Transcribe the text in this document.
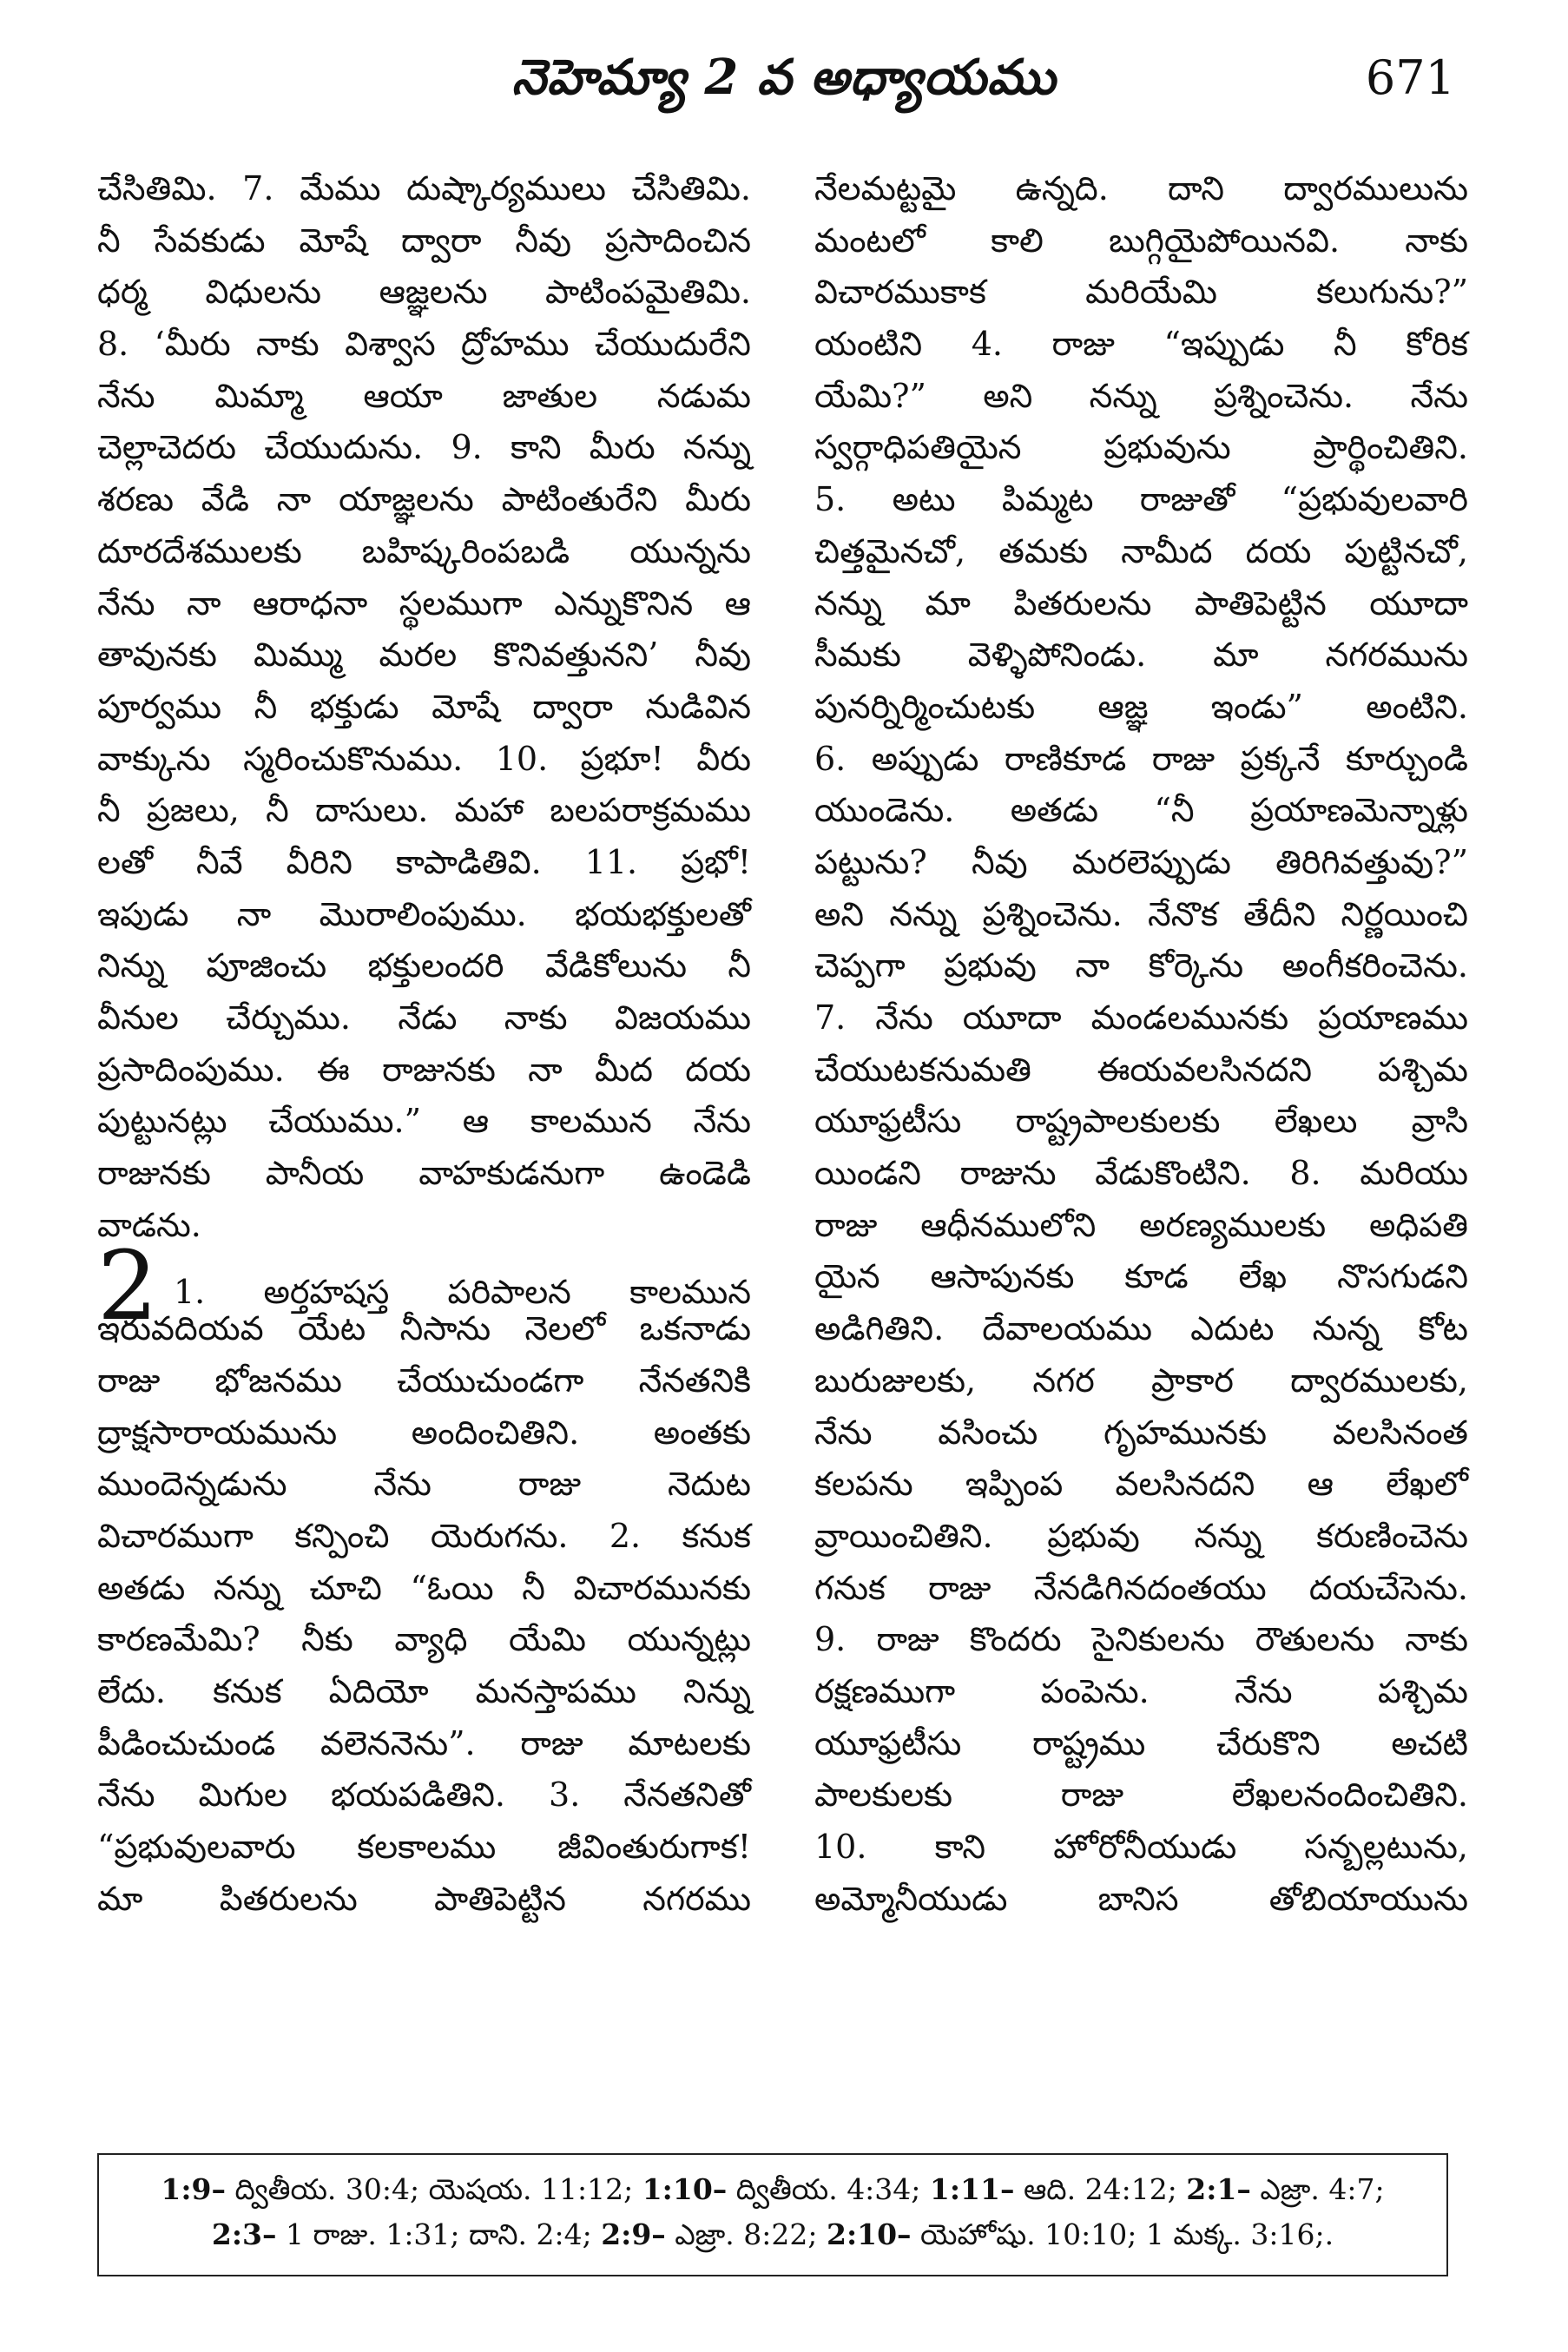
నెహెమ్యా 2 వ అధ్యాయము	671
చేసితిమి. 7. మేము దుష్కార్యములు చేసితిమి.
నీ సేవకుడు మోషే ద్వారా నీవు ప్రసాదించిన
ధర్మ విధులను ఆజ్ఞలను పాటింపమైతిమి.
8. ‘మీరు నాకు విశ్వాస ద్రోహము చేయుదురేని
నేను మిమ్మా ఆయా జాతుల నడుమ
చెల్లాచెదరు చేయుదును. 9. కాని మీరు నన్ను
శరణు వేడి నా యాజ్ఞలను పాటింతురేని మీరు
దూరదేశములకు బహిష్కరింపబడి యున్నను
నేను నా ఆరాధనా స్థలముగా ఎన్నుకొనిన ఆ
తావునకు మిమ్ము మరల కొనివత్తునని’ నీవు
పూర్వము నీ భక్తుడు మోషే ద్వారా నుడివిన
వాక్కును స్మరించుకొనుము. 10. ప్రభూ! వీరు
నీ ప్రజలు, నీ దాసులు. మహా బలపరాక్రమము
లతో నీవే వీరిని కాపాడితివి. 11. ప్రభో!
ఇపుడు నా మొరాలింపుము. భయభక్తులతో
నిన్ను పూజించు భక్తులందరి వేడికోలును నీ
వీనుల చేర్చుము. నేడు నాకు విజయము
ప్రసాదింపుము. ఈ రాజునకు నా మీద దయ
పుట్టునట్లు చేయుము.” ఆ కాలమున నేను
రాజునకు పానీయ వాహకుడనుగా ఉండెడి
వాడను.
2 1. అర్తహషస్త పరిపాలన కాలమున
ఇరువదియవ యేట నీసాను నెలలో ఒకనాడు
రాజు భోజనము చేయుచుండగా నేనతనికి
ద్రాక్షసారాయమును అందించితిని. అంతకు
ముందెన్నడును నేను రాజు నెదుట
విచారముగా కన్పించి యెరుగను. 2. కనుక
అతడు నన్ను చూచి “ఓయి నీ విచారమునకు
కారణమేమి? నీకు వ్యాధి యేమి యున్నట్లు
లేదు. కనుక ఏదియో మనస్తాపము నిన్ను
పీడించుచుండ వలెననెను”. రాజు మాటలకు
నేను మిగుల భయపడితిని. 3. నేనతనితో
“ప్రభువులవారు కలకాలము జీవింతురుగాక!
మా పితరులను పాతిపెట్టిన నగరము
నేలమట్టమై ఉన్నది. దాని ద్వారములును
మంటలో కాలి బుగ్గియైపోయినవి. నాకు
విచారముకాక మరియేమి కలుగును?”
యంటిని 4. రాజు “ఇప్పుడు నీ కోరిక
యేమి?” అని నన్ను ప్రశ్నించెను. నేను
స్వర్గాధిపతియైన ప్రభువును ప్రార్థించితిని.
5. అటు పిమ్మట రాజుతో “ప్రభువులవారి
చిత్తమైనచో, తమకు నామీద దయ పుట్టినచో,
నన్ను మా పితరులను పాతిపెట్టిన యూదా
సీమకు వెళ్ళిపోనిండు. మా నగరమును
పునర్నిర్మించుటకు ఆజ్ఞ ఇండు” అంటిని.
6. అప్పుడు రాణికూడ రాజు ప్రక్కనే కూర్చుండి
యుండెను. అతడు “నీ ప్రయాణమెన్నాళ్లు
పట్టును? నీవు మరలెప్పుడు తిరిగివత్తువు?”
అని నన్ను ప్రశ్నించెను. నేనొక తేదీని నిర్ణయించి
చెప్పగా ప్రభువు నా కోర్కెను అంగీకరించెను.
7. నేను యూదా మండలమునకు ప్రయాణము
చేయుటకనుమతి ఈయవలసినదని పశ్చిమ
యూఫ్రటీసు రాష్ట్రపాలకులకు లేఖలు వ్రాసి
యిండని రాజును వేడుకొంటిని. 8. మరియు
రాజు ఆధీనములోని అరణ్యములకు అధిపతి
యైన ఆసాపునకు కూడ లేఖ నొసగుడని
అడిగితిని. దేవాలయము ఎదుట నున్న కోట
బురుజులకు, నగర ప్రాకార ద్వారములకు,
నేను వసించు గృహమునకు వలసినంత
కలపను ఇప్పింప వలసినదని ఆ లేఖలో
వ్రాయించితిని. ప్రభువు నన్ను కరుణించెను
గనుక రాజు నేనడిగినదంతయు దయచేసెను.
9. రాజు కొందరు సైనికులను రౌతులను నాకు
రక్షణముగా పంపెను. నేను పశ్చిమ
యూఫ్రటీసు రాష్ట్రము చేరుకొని అచటి
పాలకులకు రాజు లేఖలనందించితిని.
10. కాని హోరోనీయుడు సన్బల్లటును,
అమ్మోనీయుడు బానిస తోబియాయును
1:9– ద్వితీయ. 30:4; యెషయ. 11:12; 1:10– ద్వితీయ. 4:34; 1:11– ఆది. 24:12; 2:1– ఎజ్రా. 4:7;
2:3– 1 రాజు. 1:31; దాని. 2:4; 2:9– ఎజ్రా. 8:22; 2:10– యెహోషు. 10:10; 1 మక్క. 3:16;.
